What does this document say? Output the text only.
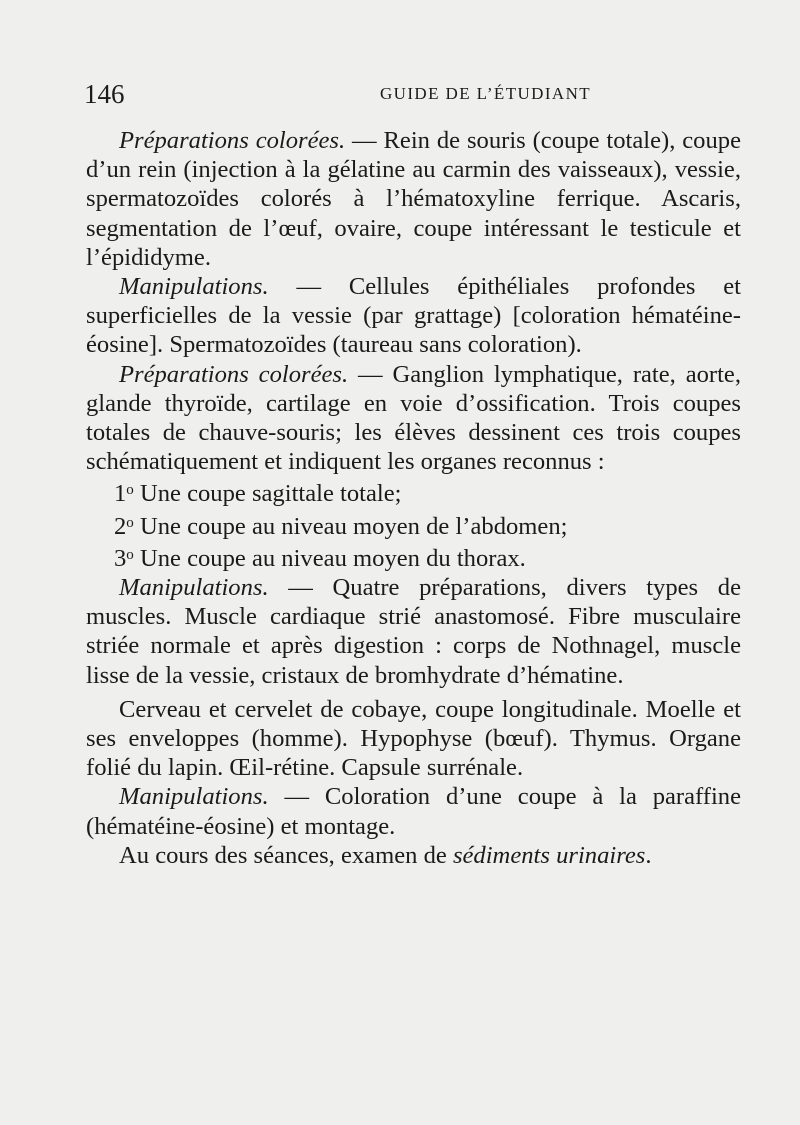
146	GUIDE DE L’ÉTUDIANT

Préparations colorées. — Rein de souris (coupe totale), coupe d’un rein (injection à la gélatine au carmin des vaisseaux), vessie, spermatozoïdes colorés à l’hématoxyline ferrique. Ascaris, segmentation de l’œuf, ovaire, coupe intéressant le testicule et l’épididyme.

Manipulations. — Cellules épithéliales profondes et superficielles de la vessie (par grattage) [coloration hématéine-éosine]. Spermatozoïdes (taureau sans coloration).

Préparations colorées. — Ganglion lymphatique, rate, aorte, glande thyroïde, cartilage en voie d’ossification. Trois coupes totales de chauve-souris; les élèves dessinent ces trois coupes schématiquement et indiquent les organes reconnus :

1$^o$ Une coupe sagittale totale;

2$^o$ Une coupe au niveau moyen de l’abdomen;

3$^o$ Une coupe au niveau moyen du thorax.

Manipulations. — Quatre préparations, divers types de muscles. Muscle cardiaque strié anastomosé. Fibre musculaire striée normale et après digestion : corps de Nothnagel, muscle lisse de la vessie, cristaux de bromhydrate d’hématine.

Cerveau et cervelet de cobaye, coupe longitudinale. Moelle et ses enveloppes (homme). Hypophyse (bœuf). Thymus. Organe folié du lapin. Œil-rétine. Capsule surrénale.

Manipulations. — Coloration d’une coupe à la paraffine (hématéine-éosine) et montage.

Au cours des séances, examen de sédiments urinaires.
